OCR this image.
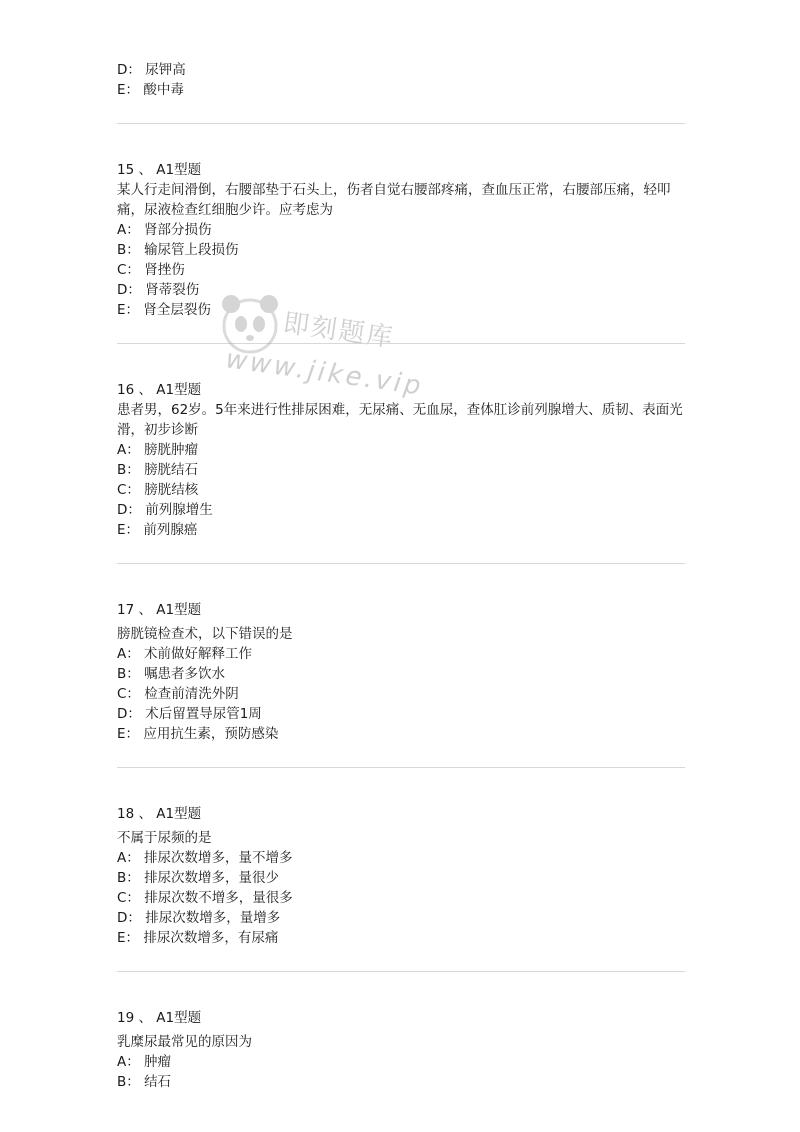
D： 尿钾高
E： 酸中毒
15 、 A1型题
某人行走间滑倒，右腰部垫于石头上，伤者自觉右腰部疼痛，查血压正常，右腰部压痛，轻叩痛，尿液检查红细胞少许。应考虑为
A： 肾部分损伤
B： 输尿管上段损伤
C： 肾挫伤
D： 肾蒂裂伤
E： 肾全层裂伤
16 、 A1型题
患者男，62岁。5年来进行性排尿困难，无尿痛、无血尿，查体肛诊前列腺增大、质韧、表面光滑，初步诊断
A： 膀胱肿瘤
B： 膀胱结石
C： 膀胱结核
D： 前列腺增生
E： 前列腺癌
17 、 A1型题
膀胱镜检查术，以下错误的是
A： 术前做好解释工作
B： 嘱患者多饮水
C： 检查前清洗外阴
D： 术后留置导尿管1周
E： 应用抗生素，预防感染
18 、 A1型题
不属于尿频的是
A： 排尿次数增多，量不增多
B： 排尿次数增多，量很少
C： 排尿次数不增多，量很多
D： 排尿次数增多，量增多
E： 排尿次数增多，有尿痛
19 、 A1型题
乳糜尿最常见的原因为
A： 肿瘤
B： 结石
即刻题库
www.jike.vip
